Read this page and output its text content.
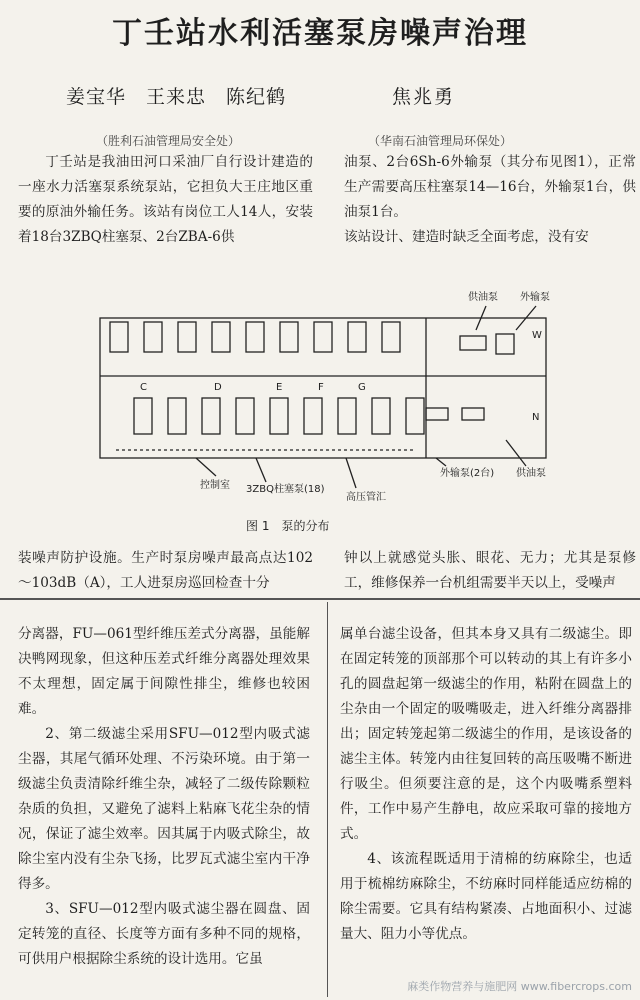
丁壬站水利活塞泵房噪声治理
姜宝华　王来忠　陈纪鹤	焦兆勇
（胜利石油管理局安全处）	（华南石油管理局环保处）

丁壬站是我油田河口采油厂自行设计建造的一座水力活塞泵系统泵站，它担负大王庄地区重要的原油外输任务。该站有岗位工人14人，安装着18台3ZBQ柱塞泵、2台ZBA-6供

油泵、2台6Sh-6外输泵（其分布见图1），正常生产需要高压柱塞泵14—16台，外输泵1台，供油泵1台。
该站设计、建造时缺乏全面考虑，没有安

C	D	E	F	G
W
N
供油泵 外输泵
控制室 3ZBQ柱塞泵(18)
高压管汇
外输泵(2台) 供油泵
图 1　泵的分布

装噪声防护设施。生产时泵房噪声最高点达102～103dB（A），工人进泵房巡回检查十分

钟以上就感觉头胀、眼花、无力；尤其是泵修工，维修保养一台机组需要半天以上，受噪声

分离器，FU—061型纤维压差式分离器，虽能解决鸭网现象，但这种压差式纤维分离器处理效果不太理想，固定属于间隙性排尘，维修也较困难。

2、第二级滤尘采用SFU—012型内吸式滤尘器，其尾气循环处理、不污染环境。由于第一级滤尘负责清除纤维尘杂，减轻了二级传除颗粒杂质的负担，又避免了滤料上粘麻飞花尘杂的情况，保证了滤尘效率。因其属于内吸式除尘，故除尘室内没有尘杂飞扬，比罗瓦式滤尘室内干净得多。

3、SFU—012型内吸式滤尘器在圆盘、固定转笼的直径、长度等方面有多种不同的规格，可供用户根据除尘系统的设计选用。它虽

属单台滤尘设备，但其本身又具有二级滤尘。即在固定转笼的顶部那个可以转动的其上有许多小孔的圆盘起第一级滤尘的作用，粘附在圆盘上的尘杂由一个固定的吸嘴吸走，进入纤维分离器排出；固定转笼起第二级滤尘的作用，是该设备的滤尘主体。转笼内由往复回转的高压吸嘴不断进行吸尘。但须要注意的是，这个内吸嘴系塑料件，工作中易产生静电，故应采取可靠的接地方式。

4、该流程既适用于清棉的纺麻除尘，也适用于梳棉纺麻除尘，不纺麻时同样能适应纺棉的除尘需要。它具有结构紧凑、占地面积小、过滤量大、阻力小等优点。

麻类作物营养与施肥网 www.fibercrops.com
